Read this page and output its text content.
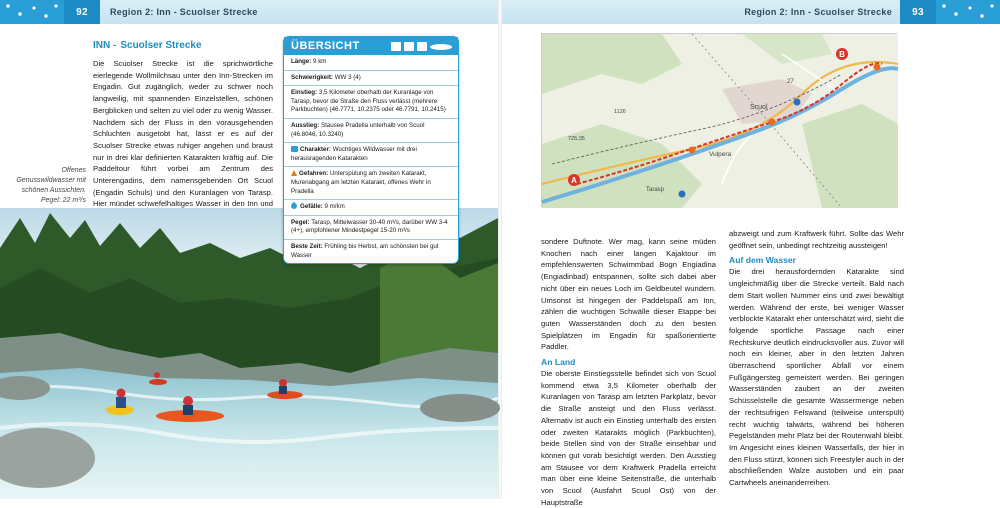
92	Region 2: Inn - Scuolser Strecke	Region 2: Inn - Scuolser Strecke	93
INN - Scuolser Strecke
Die Scuolser Strecke ist die sprichwörtliche eierlegende Wollmilchsau unter den Inn-Strecken im Engadin. Gut zugänglich, weder zu schwer noch langweilig, mit spannenden Einzelstellen, schönen Bergblicken und selten zu viel oder zu wenig Wasser. Nachdem sich der Fluss in den vorausgehenden Schluchten ausgetobt hat, lässt er es auf der Scuolser Strecke etwas ruhiger angehen und braust nur in drei klar definierten Katarakten kräftig auf. Die Paddeltour führt vorbei am Zentrum des Unterengadins, dem namensgebenden Ort Scuol (Engadin Schuls) und den Kuranlagen von Tarasp. Hier mündet schwefelhaltiges Wasser in den Inn und
Offenes Genusswildwasser mit schönen Aussichten. Pegel: 22 m³/s
ÜBERSICHT
Länge: 9 km
Schwierigkeit: WW 3 (4)
Einstieg: 3,5 Kilometer oberhalb der Kuranlage von Tarasp, bevor die Straße den Fluss verlässt (mehrere Parkbuchten) (46.7771, 10.2375 oder 46.7791, 10.2415)
Ausstieg: Stausee Pradella unterhalb von Scuol (46.8046, 10.3240)
Charakter: Wuchtiges Wildwasser mit drei herausragenden Katarakten
Gefahren: Unterspülung am zweiten Katarakt, Murenabgang am letzten Katarakt, offenes Wehr in Pradella
Gefälle: 9 m/km
Pegel: Tarasp, Mittelwasser 30-40 m³/s, darüber WW 3-4 (4+), empfohlener Mindestpegel 15-20 m³/s
Beste Zeit: Frühling bis Herbst, am schönsten bei gut Wasser
A
B
Scuol
Vulpera
Tarasp
725,35
1126
27

sondere Duftnote. Wer mag, kann seine müden Knochen nach einer langen Kajaktour im empfehlenswerten Schwimmbad Bogn Engiadina (Engiadinbad) entspannen, sollte sich dabei aber nicht über ein neues Loch im Geldbeutel wundern. Umsonst ist hingegen der Paddelspaß am Inn, zählen die wuchtigen Schwälle dieser Etappe bei guten Wasserständen doch zu den besten Spielplätzen im Engadin für spaßorientierte Paddler.

An Land

Die oberste Einstiegsstelle befindet sich von Scuol kommend etwa 3,5 Kilometer oberhalb der Kuranlagen von Tarasp am letzten Parkplatz, bevor die Straße ansteigt und den Fluss verlässt. Alternativ ist auch ein Einstieg unterhalb des ersten oder zweiten Katarakts möglich (Parkbuchten), beide Stellen sind von der Straße einsehbar und können gut vorab besichtigt werden. Den Ausstieg am Stausee vor dem Kraftwerk Pradella erreicht man über eine kleine Seitenstraße, die unterhalb von Scuol (Ausfahrt Scuol Ost) von der Hauptstraße

abzweigt und zum Kraftwerk führt. Sollte das Wehr geöffnet sein, unbedingt rechtzeitig aussteigen!

Auf dem Wasser

Die drei herausfordernden Katarakte sind ungleichmäßig über die Strecke verteilt. Bald nach dem Start wollen Nummer eins und zwei bewältigt werden. Während der erste, bei weniger Wasser verblockte Katarakt eher unterschätzt wird, sieht die folgende sportliche Passage nach einer Rechtskurve deutlich eindrucksvoller aus. Zuvor will noch ein kleiner, aber in den letzten Jahren überraschend sportlicher Abfall vor einem Fußgängersteg gemeistert werden. Bei geringen Wasserständen zaubert an der zweiten Schüsselstelle die gesamte Wassermenge neben der rechtsufrigen Felswand (teilweise unterspült) recht wuchtig talwärts, während bei höheren Pegelständen mehr Platz bei der Routenwahl bleibt. Im Angesicht eines kleinen Wasserfalls, der hier in den Fluss stürzt, können sich Freestyler auch in der abschließenden Walze austoben und ein paar Cartwheels aneinanderreihen.
